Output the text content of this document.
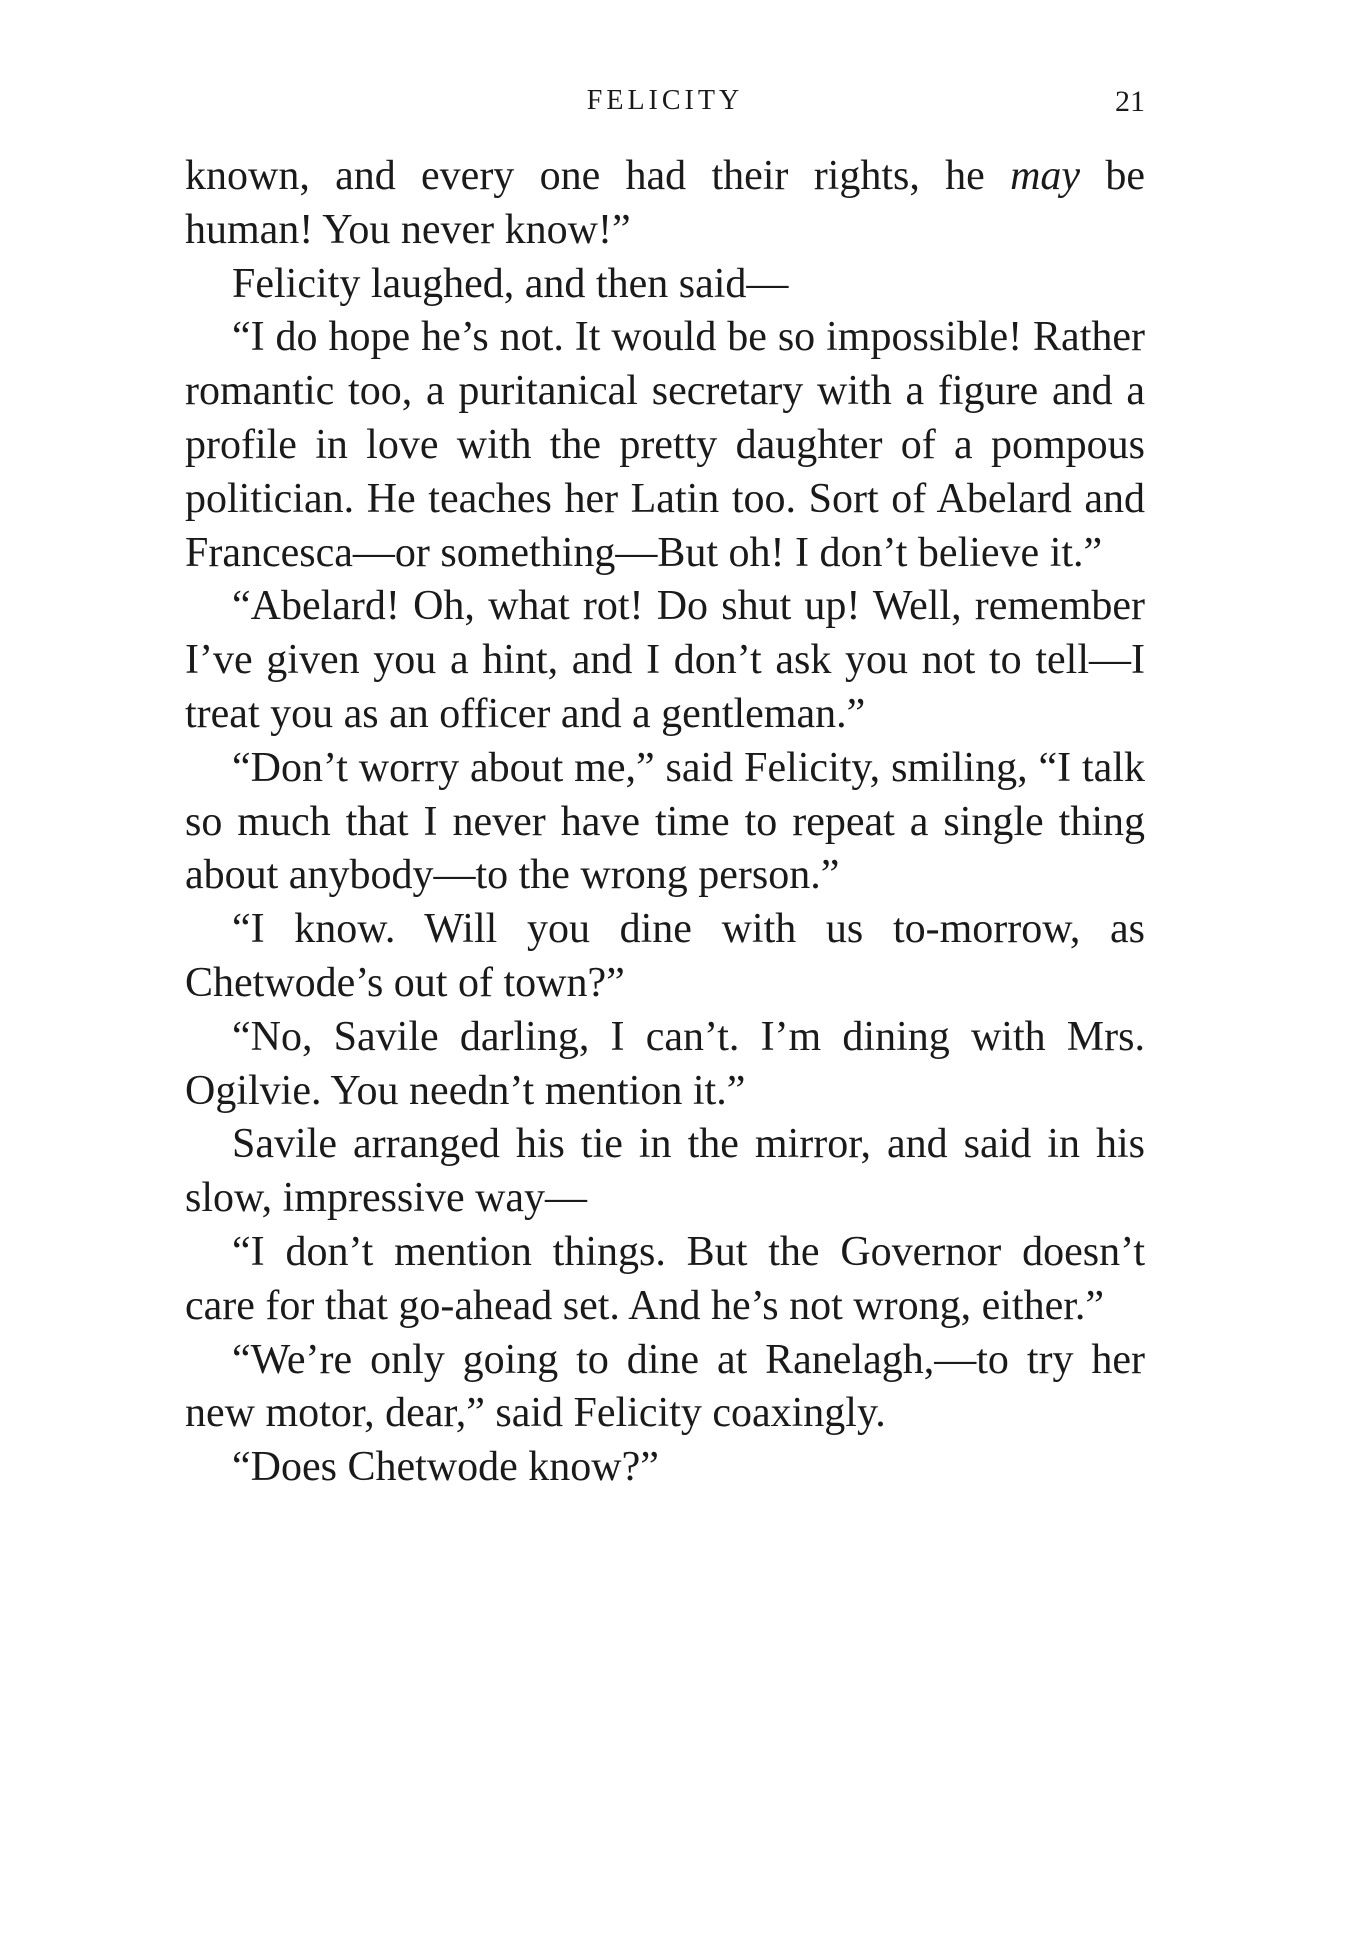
FELICITY	21

known, and every one had their rights, he may be human! You never know!”

Felicity laughed, and then said—

“I do hope he’s not. It would be so impossible! Rather romantic too, a puritanical secretary with a figure and a profile in love with the pretty daughter of a pompous politician. He teaches her Latin too. Sort of Abelard and Francesca—or something—But oh! I don’t believe it.”

“Abelard! Oh, what rot! Do shut up! Well, remember I’ve given you a hint, and I don’t ask you not to tell—I treat you as an officer and a gentleman.”

“Don’t worry about me,” said Felicity, smiling, “I talk so much that I never have time to repeat a single thing about anybody—to the wrong person.”

“I know. Will you dine with us to-morrow, as Chetwode’s out of town?”

“No, Savile darling, I can’t. I’m dining with Mrs. Ogilvie. You needn’t mention it.”

Savile arranged his tie in the mirror, and said in his slow, impressive way—

“I don’t mention things. But the Governor doesn’t care for that go-ahead set. And he’s not wrong, either.”

“We’re only going to dine at Ranelagh,—to try her new motor, dear,” said Felicity coaxingly.

“Does Chetwode know?”
